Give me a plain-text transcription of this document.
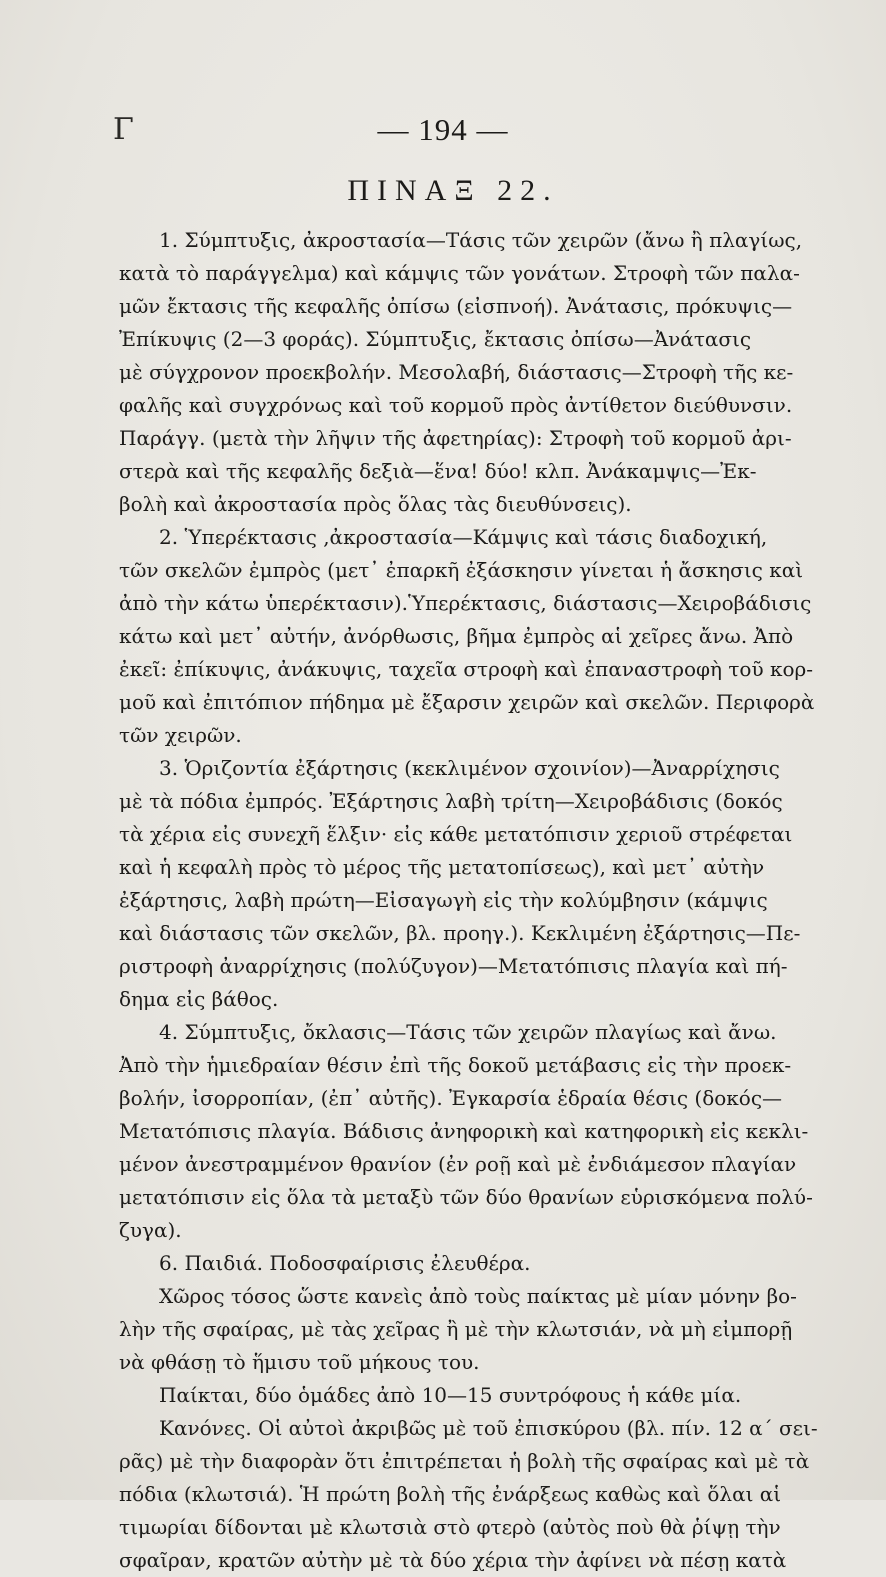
Γ	— 194 —
ΠΙΝΑΞ 22.
1. Σύμπτυξις, ἀκροστασία—Τάσις τῶν χειρῶν (ἄνω ἢ πλαγίως,
κατὰ τὸ παράγγελμα) καὶ κάμψις τῶν γονάτων. Στροφὴ τῶν παλα-
μῶν ἔκτασις τῆς κεφαλῆς ὀπίσω (εἰσπνοή). Ἀνάτασις, πρόκυψις—
Ἐπίκυψις (2—3 φοράς). Σύμπτυξις, ἔκτασις ὀπίσω—Ἀνάτασις
μὲ σύγχρονον προεκβολήν. Μεσολαβή, διάστασις—Στροφὴ τῆς κε-
φαλῆς καὶ συγχρόνως καὶ τοῦ κορμοῦ πρὸς ἀντίθετον διεύθυνσιν.
Παράγγ. (μετὰ τὴν λῆψιν τῆς ἀφετηρίας): Στροφὴ τοῦ κορμοῦ ἀρι-
στερὰ καὶ τῆς κεφαλῆς δεξιὰ—ἕνα! δύο! κλπ. Ἀνάκαμψις—Ἐκ-
βολὴ καὶ ἀκροστασία πρὸς ὅλας τὰς διευθύνσεις).
2. Ὑπερέκτασις ,ἀκροστασία—Κάμψις καὶ τάσις διαδοχική,
τῶν σκελῶν ἐμπρὸς (μετ᾽ ἐπαρκῆ ἐξάσκησιν γίνεται ἡ ἄσκησις καὶ
ἀπὸ τὴν κάτω ὑπερέκτασιν).Ὑπερέκτασις, διάστασις—Χειροβάδισις
κάτω καὶ μετ᾽ αὐτήν, ἀνόρθωσις, βῆμα ἐμπρὸς αἱ χεῖρες ἄνω. Ἀπὸ
ἐκεῖ: ἐπίκυψις, ἀνάκυψις, ταχεῖα στροφὴ καὶ ἐπαναστροφὴ τοῦ κορ-
μοῦ καὶ ἐπιτόπιον πήδημα μὲ ἔξαρσιν χειρῶν καὶ σκελῶν. Περιφορὰ
τῶν χειρῶν.
3. Ὁριζοντία ἐξάρτησις (κεκλιμένον σχοινίον)—Ἀναρρίχησις
μὲ τὰ πόδια ἐμπρός. Ἐξάρτησις λαβὴ τρίτη—Χειροβάδισις (δοκός
τὰ χέρια εἰς συνεχῆ ἕλξιν· εἰς κάθε μετατόπισιν χεριοῦ στρέφεται
καὶ ἡ κεφαλὴ πρὸς τὸ μέρος τῆς μετατοπίσεως), καὶ μετ᾽ αὐτὴν
ἐξάρτησις, λαβὴ πρώτη—Εἰσαγωγὴ εἰς τὴν κολύμβησιν (κάμψις
καὶ διάστασις τῶν σκελῶν, βλ. προηγ.). Κεκλιμένη ἐξάρτησις—Πε-
ριστροφὴ ἀναρρίχησις (πολύζυγον)—Μετατόπισις πλαγία καὶ πή-
δημα εἰς βάθος.
4. Σύμπτυξις, ὄκλασις—Τάσις τῶν χειρῶν πλαγίως καὶ ἄνω.
Ἀπὸ τὴν ἡμιεδραίαν θέσιν ἐπὶ τῆς δοκοῦ μετάβασις εἰς τὴν προεκ-
βολήν, ἰσορροπίαν, (ἐπ᾽ αὐτῆς). Ἐγκαρσία ἑδραία θέσις (δοκός—
Μετατόπισις πλαγία. Βάδισις ἀνηφορικὴ καὶ κατηφορικὴ εἰς κεκλι-
μένον ἀνεστραμμένον θρανίον (ἐν ροῇ καὶ μὲ ἐνδιάμεσον πλαγίαν
μετατόπισιν εἰς ὅλα τὰ μεταξὺ τῶν δύο θρανίων εὑρισκόμενα πολύ-
ζυγα).
6. Παιδιά. Ποδοσφαίρισις ἐλευθέρα.
Χῶρος τόσος ὥστε κανεὶς ἀπὸ τοὺς παίκτας μὲ μίαν μόνην βο-
λὴν τῆς σφαίρας, μὲ τὰς χεῖρας ἢ μὲ τὴν κλωτσιάν, νὰ μὴ εἰμπορῇ
νὰ φθάσῃ τὸ ἥμισυ τοῦ μήκους του.
Παίκται, δύο ὁμάδες ἀπὸ 10—15 συντρόφους ἡ κάθε μία.
Κανόνες. Οἱ αὐτοὶ ἀκριβῶς μὲ τοῦ ἐπισκύρου (βλ. πίν. 12 α΄ σει-
ρᾶς) μὲ τὴν διαφορὰν ὅτι ἐπιτρέπεται ἡ βολὴ τῆς σφαίρας καὶ μὲ τὰ
πόδια (κλωτσιά). Ἡ πρώτη βολὴ τῆς ἐνάρξεως καθὼς καὶ ὅλαι αἱ
τιμωρίαι δίδονται μὲ κλωτσιὰ στὸ φτερὸ (αὐτὸς ποὺ θὰ ῥίψῃ τὴν
σφαῖραν, κρατῶν αὐτὴν μὲ τὰ δύο χέρια τὴν ἀφίνει νὰ πέσῃ κατὰ
